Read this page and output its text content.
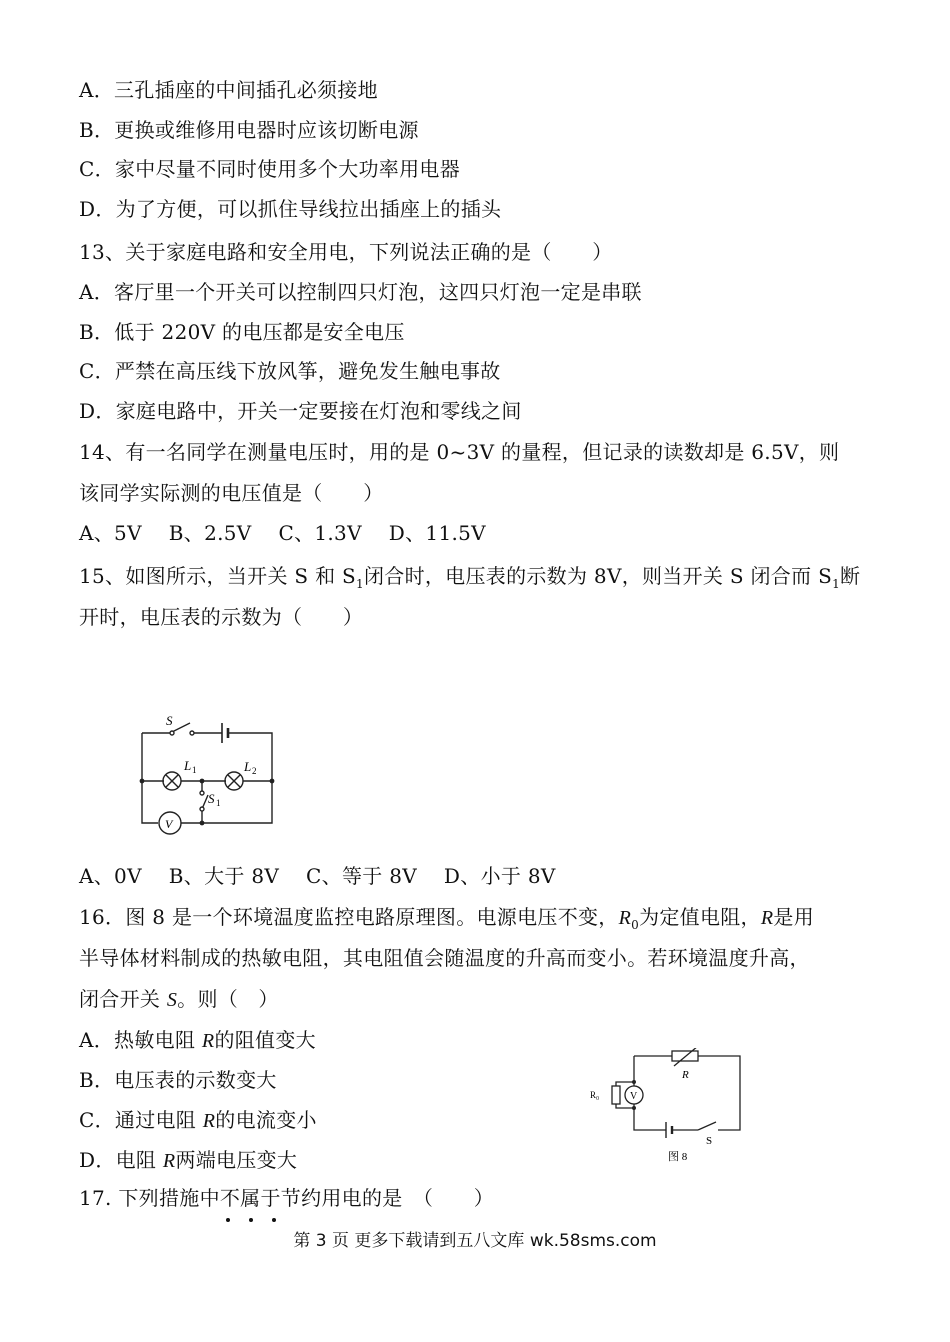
A．三孔插座的中间插孔必须接地
B．更换或维修用电器时应该切断电源
C．家中尽量不同时使用多个大功率用电器
D．为了方便，可以抓住导线拉出插座上的插头
13、关于家庭电路和安全用电，下列说法正确的是（　　）
A．客厅里一个开关可以控制四只灯泡，这四只灯泡一定是串联
B．低于 220V 的电压都是安全电压
C．严禁在高压线下放风筝，避免发生触电事故
D．家庭电路中，开关一定要接在灯泡和零线之间
14、有一名同学在测量电压时，用的是 0~3V 的量程，但记录的读数却是 6.5V，则
该同学实际测的电压值是（　　）
A、5V　 B、2.5V　 C、1.3V　 D、11.5V
15、如图所示，当开关 S 和 $S_1$闭合时，电压表的示数为 8V，则当开关 S 闭合而 $S_1$断
开时，电压表的示数为（　　）
S
L 1	L 2
S 1
V
A、0V　 B、大于 8V　 C、等于 8V　 D、小于 8V
16．图 8 是一个环境温度监控电路原理图。电源电压不变，$R_0$为定值电阻，R是用
半导体材料制成的热敏电阻，其电阻值会随温度的升高而变小。若环境温度升高，
闭合开关 S。则（　）
A．热敏电阻 R的阻值变大
B．电压表的示数变大
C．通过电阻 R的电流变小
D．电阻 R两端电压变大
R
R₀	V
S
图 8
17. 下列措施中不属于节约用电的是　（　　）
第 3 页 更多下载请到五八文库 wk.58sms.com
